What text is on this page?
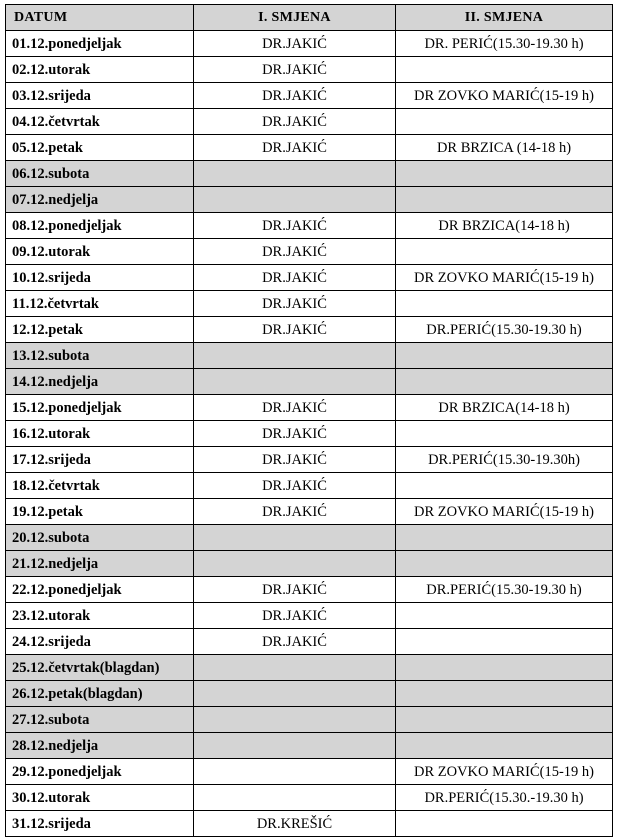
DATUM	I. SMJENA	II. SMJENA
01.12.ponedjeljak	DR.JAKIĆ	DR. PERIĆ(15.30-19.30 h)
02.12.utorak	DR.JAKIĆ	
03.12.srijeda	DR.JAKIĆ	DR ZOVKO MARIĆ(15-19 h)
04.12.četvrtak	DR.JAKIĆ	
05.12.petak	DR.JAKIĆ	DR BRZICA (14-18 h)
06.12.subota		
07.12.nedjelja		
08.12.ponedjeljak	DR.JAKIĆ	DR BRZICA(14-18 h)
09.12.utorak	DR.JAKIĆ	
10.12.srijeda	DR.JAKIĆ	DR ZOVKO MARIĆ(15-19 h)
11.12.četvrtak	DR.JAKIĆ	
12.12.petak	DR.JAKIĆ	DR.PERIĆ(15.30-19.30 h)
13.12.subota		
14.12.nedjelja		
15.12.ponedjeljak	DR.JAKIĆ	DR BRZICA(14-18 h)
16.12.utorak	DR.JAKIĆ	
17.12.srijeda	DR.JAKIĆ	DR.PERIĆ(15.30-19.30h)
18.12.četvrtak	DR.JAKIĆ	
19.12.petak	DR.JAKIĆ	DR ZOVKO MARIĆ(15-19 h)
20.12.subota		
21.12.nedjelja		
22.12.ponedjeljak	DR.JAKIĆ	DR.PERIĆ(15.30-19.30 h)
23.12.utorak	DR.JAKIĆ	
24.12.srijeda	DR.JAKIĆ	
25.12.četvrtak(blagdan)		
26.12.petak(blagdan)		
27.12.subota		
28.12.nedjelja		
29.12.ponedjeljak		DR ZOVKO MARIĆ(15-19 h)
30.12.utorak		DR.PERIĆ(15.30.-19.30 h)
31.12.srijeda	DR.KREŠIĆ	
